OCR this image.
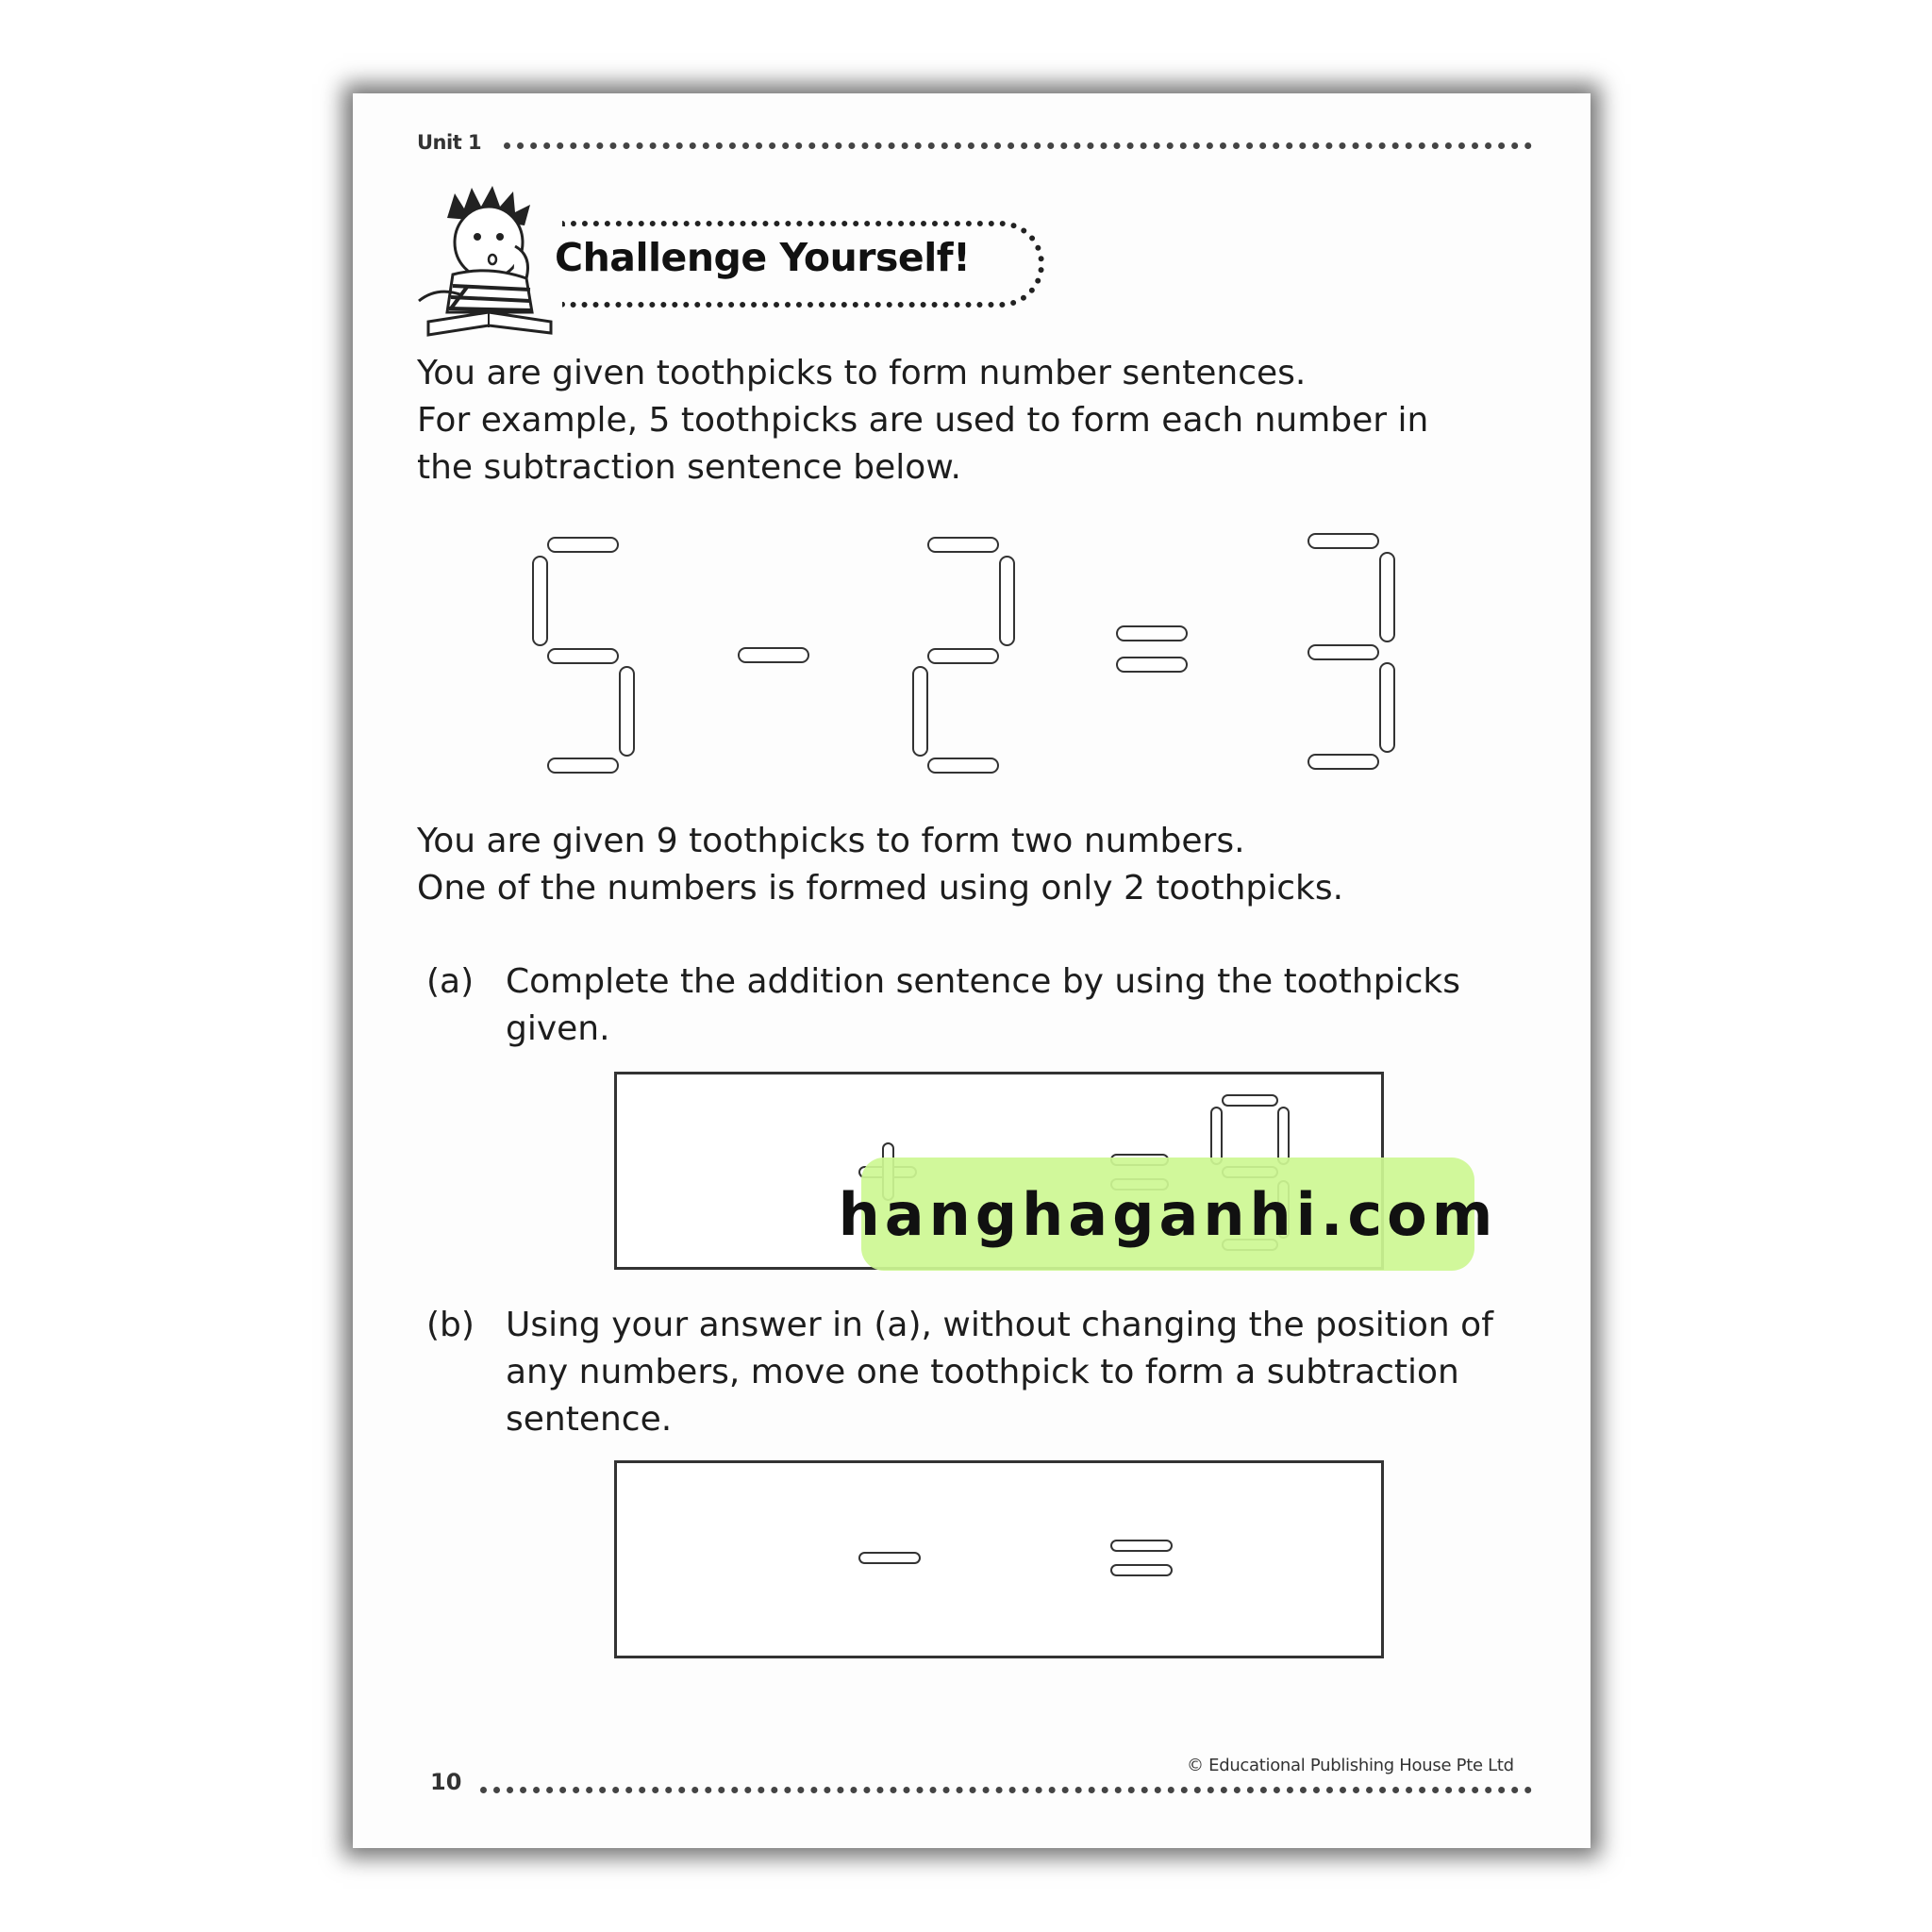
Unit 1
Challenge Yourself!
You are given toothpicks to form number sentences.
For example, 5 toothpicks are used to form each number in
the subtraction sentence below.
You are given 9 toothpicks to form two numbers.
One of the numbers is formed using only 2 toothpicks.
(a) Complete the addition sentence by using the toothpicks
given.
(b) Using your answer in (a), without changing the position of
any numbers, move one toothpick to form a subtraction
sentence.
10
© Educational Publishing House Pte Ltd
hanghaganhi.com
